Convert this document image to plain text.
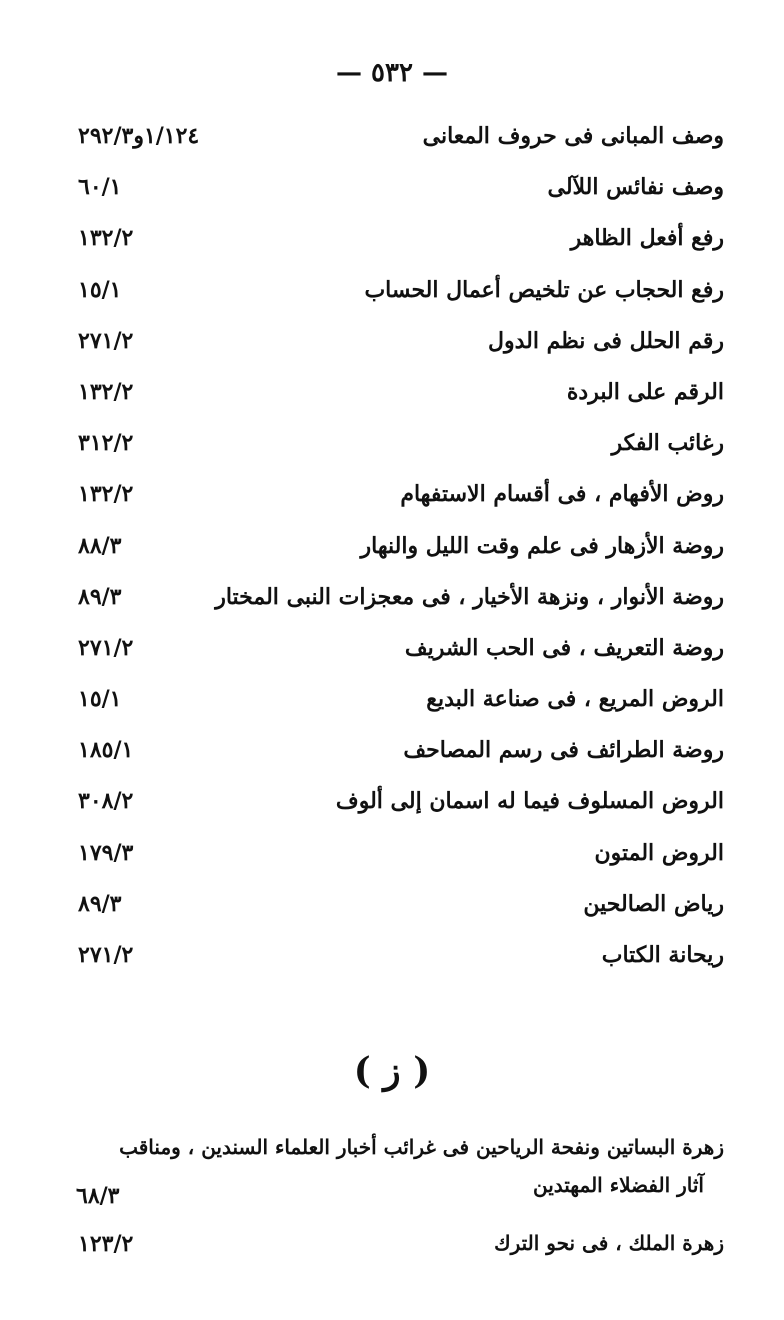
— ٥٣٢ —
وصف المبانى فى حروف المعانى
١/١٢٤و٢٩٢/٣
وصف نفائس اللآلى
٦٠/١
رفع أفعل الظاهر
١٣٢/٢
رفع الحجاب عن تلخيص أعمال الحساب
١٥/١
رقم الحلل فى نظم الدول
٢٧١/٢
الرقم على البردة
١٣٢/٢
رغائب الفكر
٣١٢/٢
روض الأفهام ، فى أقسام الاستفهام
١٣٢/٢
روضة الأزهار فى علم وقت الليل والنهار
٨٨/٣
روضة الأنوار ، ونزهة الأخيار ، فى معجزات النبى المختار
٨٩/٣
روضة التعريف ، فى الحب الشريف
٢٧١/٢
الروض المريع ، فى صناعة البديع
١٥/١
روضة الطرائف فى رسم المصاحف
١٨٥/١
الروض المسلوف فيما له اسمان إلى ألوف
٣٠٨/٢
الروض المتون
١٧٩/٣
رياض الصالحين
٨٩/٣
ريحانة الكتاب
٢٧١/٢
( ز )
زهرة البساتين ونفحة الرياحين فى غرائب أخبار العلماء السندين ، ومناقب
آثار الفضلاء المهتدين
٦٨/٣
زهرة الملك ، فى نحو الترك
١٢٣/٢
